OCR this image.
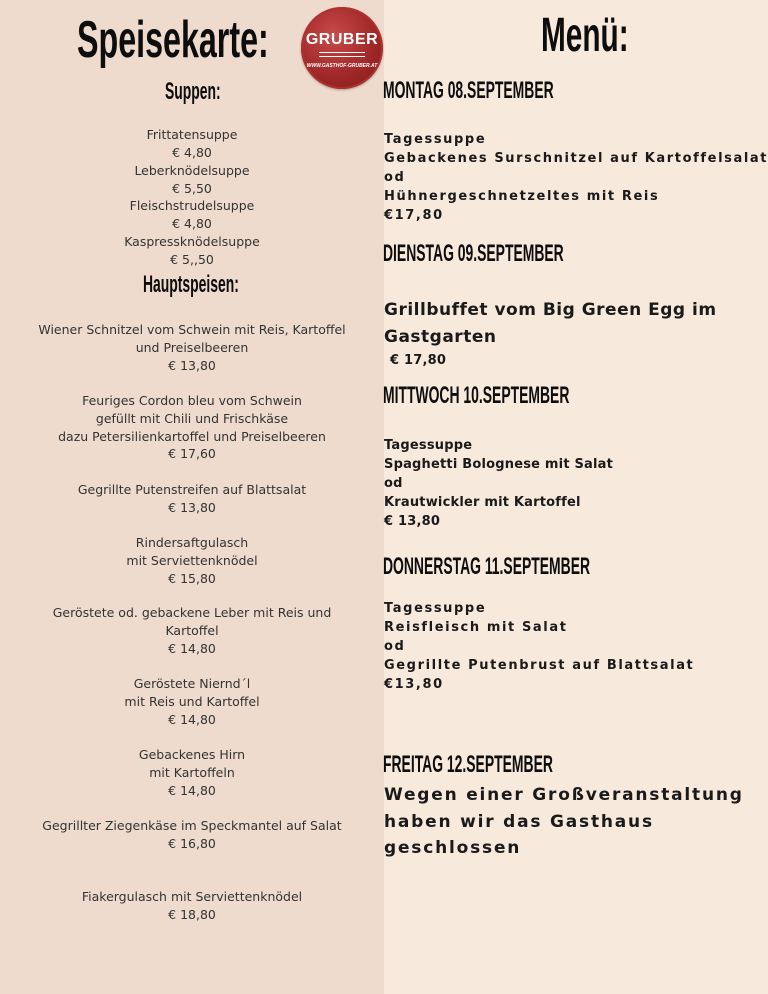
Speisekarte:	Menü:
GRUBER
WWW.GASTHOF-GRUBER.AT
Suppen:
Frittatensuppe
€ 4,80
Leberknödelsuppe
€ 5,50
Fleischstrudelsuppe
€ 4,80
Kaspressknödelsuppe
€ 5,,50
Hauptspeisen:
Wiener Schnitzel vom Schwein mit Reis, Kartoffel
und Preiselbeeren
€ 13,80
Feuriges Cordon bleu vom Schwein
gefüllt mit Chili und Frischkäse
dazu Petersilienkartoffel und Preiselbeeren
€ 17,60
Gegrillte Putenstreifen auf Blattsalat
€ 13,80
Rindersaftgulasch
mit Serviettenknödel
€ 15,80
Geröstete od. gebackene Leber mit Reis und
Kartoffel
€ 14,80
Geröstete Niernd´l
mit Reis und Kartoffel
€ 14,80
Gebackenes Hirn
mit Kartoffeln
€ 14,80
Gegrillter Ziegenkäse im Speckmantel auf Salat
€ 16,80
Fiakergulasch mit Serviettenknödel
€ 18,80
MONTAG 08.SEPTEMBER
Tagessuppe
Gebackenes Surschnitzel auf Kartoffelsalat
od
Hühnergeschnetzeltes mit Reis
€17,80
DIENSTAG 09.SEPTEMBER
Grillbuffet vom Big Green Egg im
Gastgarten
€ 17,80
MITTWOCH 10.SEPTEMBER
Tagessuppe
Spaghetti Bolognese mit Salat
od
Krautwickler mit Kartoffel
€ 13,80
DONNERSTAG 11.SEPTEMBER
Tagessuppe
Reisfleisch mit Salat
od
Gegrillte Putenbrust auf Blattsalat
€13,80
FREITAG 12.SEPTEMBER
Wegen einer Großveranstaltung
haben wir das Gasthaus
geschlossen
